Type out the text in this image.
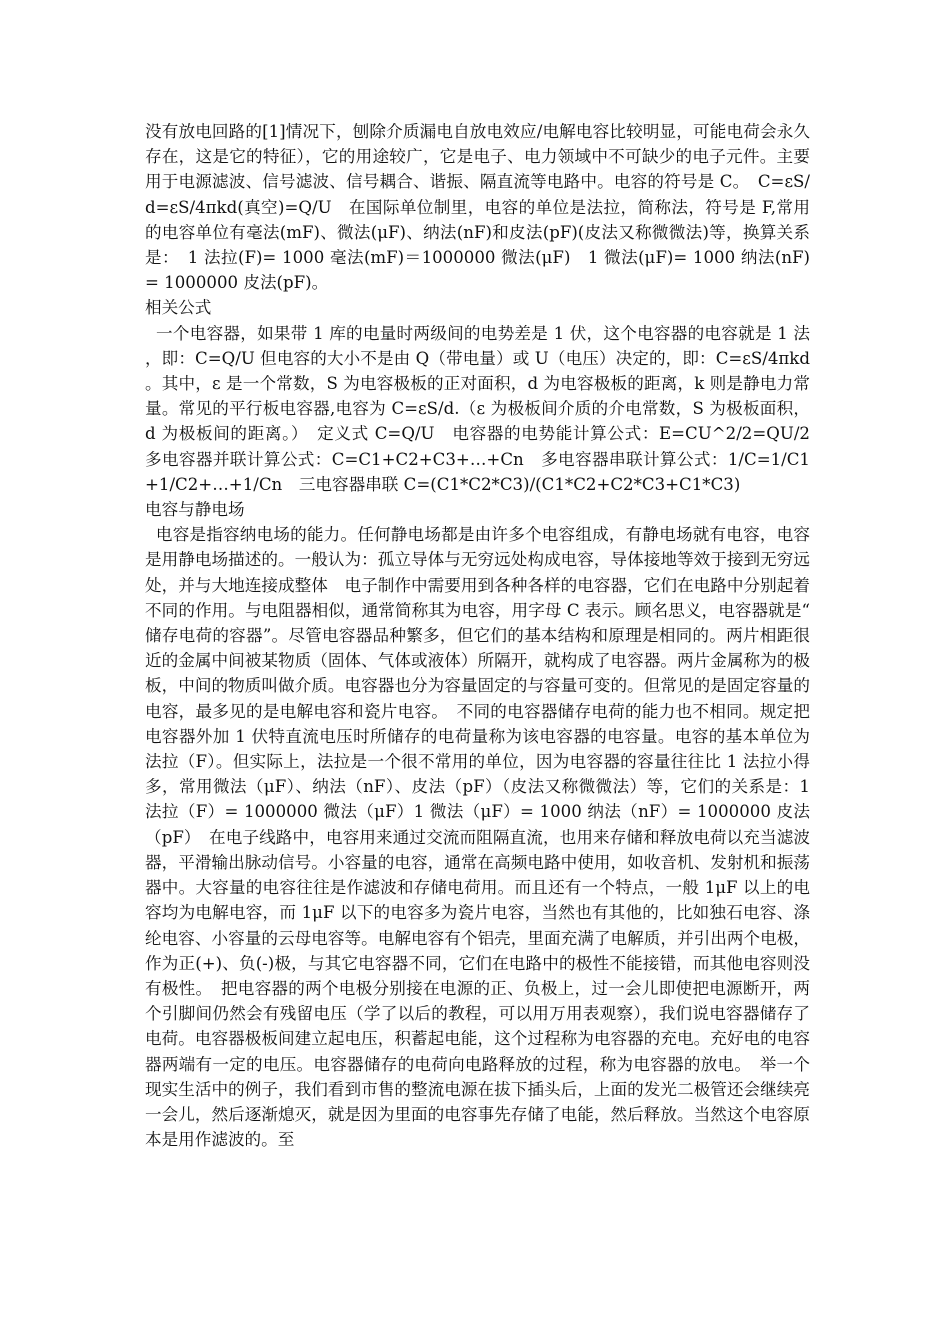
没有放电回路的[1]情况下，刨除介质漏电自放电效应/电解电容比较明显，可能电荷会永久存在，这是它的特征），它的用途较广，它是电子、电力领域中不可缺少的电子元件。主要用于电源滤波、信号滤波、信号耦合、谐振、隔直流等电路中。电容的符号是 C。　C=εS/d=εS/4πkd(真空)=Q/U　在国际单位制里，电容的单位是法拉，简称法，符号是 F,常用的电容单位有毫法(mF)、微法(μF)、纳法(nF)和皮法(pF)(皮法又称微微法)等，换算关系是：　1 法拉(F)= 1000 毫法(mF)＝1000000 微法(μF)　1 微法(μF)= 1000 纳法(nF)= 1000000 皮法(pF)。

相关公式

一个电容器，如果带 1 库的电量时两级间的电势差是 1 伏，这个电容器的电容就是 1 法，即：C=Q/U 但电容的大小不是由 Q（带电量）或 U（电压）决定的，即：C=εS/4πkd 。其中，ε 是一个常数，S 为电容极板的正对面积，d 为电容极板的距离，k 则是静电力常量。常见的平行板电容器,电容为 C=εS/d.（ε 为极板间介质的介电常数，S 为极板面积，d 为极板间的距离。）　定义式 C=Q/U　电容器的电势能计算公式：E=CU^2/2=QU/2　多电容器并联计算公式：C=C1+C2+C3+…+Cn　多电容器串联计算公式：1/C=1/C1+1/C2+…+1/Cn　三电容器串联 C=(C1*C2*C3)/(C1*C2+C2*C3+C1*C3)

电容与静电场

电容是指容纳电场的能力。任何静电场都是由许多个电容组成，有静电场就有电容，电容是用静电场描述的。一般认为：孤立导体与无穷远处构成电容，导体接地等效于接到无穷远处，并与大地连接成整体　电子制作中需要用到各种各样的电容器，它们在电路中分别起着不同的作用。与电阻器相似，通常简称其为电容，用字母 C 表示。顾名思义，电容器就是“储存电荷的容器”。尽管电容器品种繁多，但它们的基本结构和原理是相同的。两片相距很近的金属中间被某物质（固体、气体或液体）所隔开，就构成了电容器。两片金属称为的极板，中间的物质叫做介质。电容器也分为容量固定的与容量可变的。但常见的是固定容量的电容，最多见的是电解电容和瓷片电容。　不同的电容器储存电荷的能力也不相同。规定把电容器外加 1 伏特直流电压时所储存的电荷量称为该电容器的电容量。电容的基本单位为法拉（F）。但实际上，法拉是一个很不常用的单位，因为电容器的容量往往比 1 法拉小得多，常用微法（μF）、纳法（nF）、皮法（pF）（皮法又称微微法）等，它们的关系是：1 法拉（F）= 1000000 微法（μF）1 微法（μF）= 1000 纳法（nF）= 1000000 皮法（pF）　在电子线路中，电容用来通过交流而阻隔直流，也用来存储和释放电荷以充当滤波器，平滑输出脉动信号。小容量的电容，通常在高频电路中使用，如收音机、发射机和振荡器中。大容量的电容往往是作滤波和存储电荷用。而且还有一个特点，一般 1μF 以上的电容均为电解电容，而 1μF 以下的电容多为瓷片电容，当然也有其他的，比如独石电容、涤纶电容、小容量的云母电容等。电解电容有个铝壳，里面充满了电解质，并引出两个电极，作为正(+)、负(-)极，与其它电容器不同，它们在电路中的极性不能接错，而其他电容则没有极性。　把电容器的两个电极分别接在电源的正、负极上，过一会儿即使把电源断开，两个引脚间仍然会有残留电压（学了以后的教程，可以用万用表观察），我们说电容器储存了电荷。电容器极板间建立起电压，积蓄起电能，这个过程称为电容器的充电。充好电的电容器两端有一定的电压。电容器储存的电荷向电路释放的过程，称为电容器的放电。　举一个现实生活中的例子，我们看到市售的整流电源在拔下插头后，上面的发光二极管还会继续亮一会儿，然后逐渐熄灭，就是因为里面的电容事先存储了电能，然后释放。当然这个电容原本是用作滤波的。至
